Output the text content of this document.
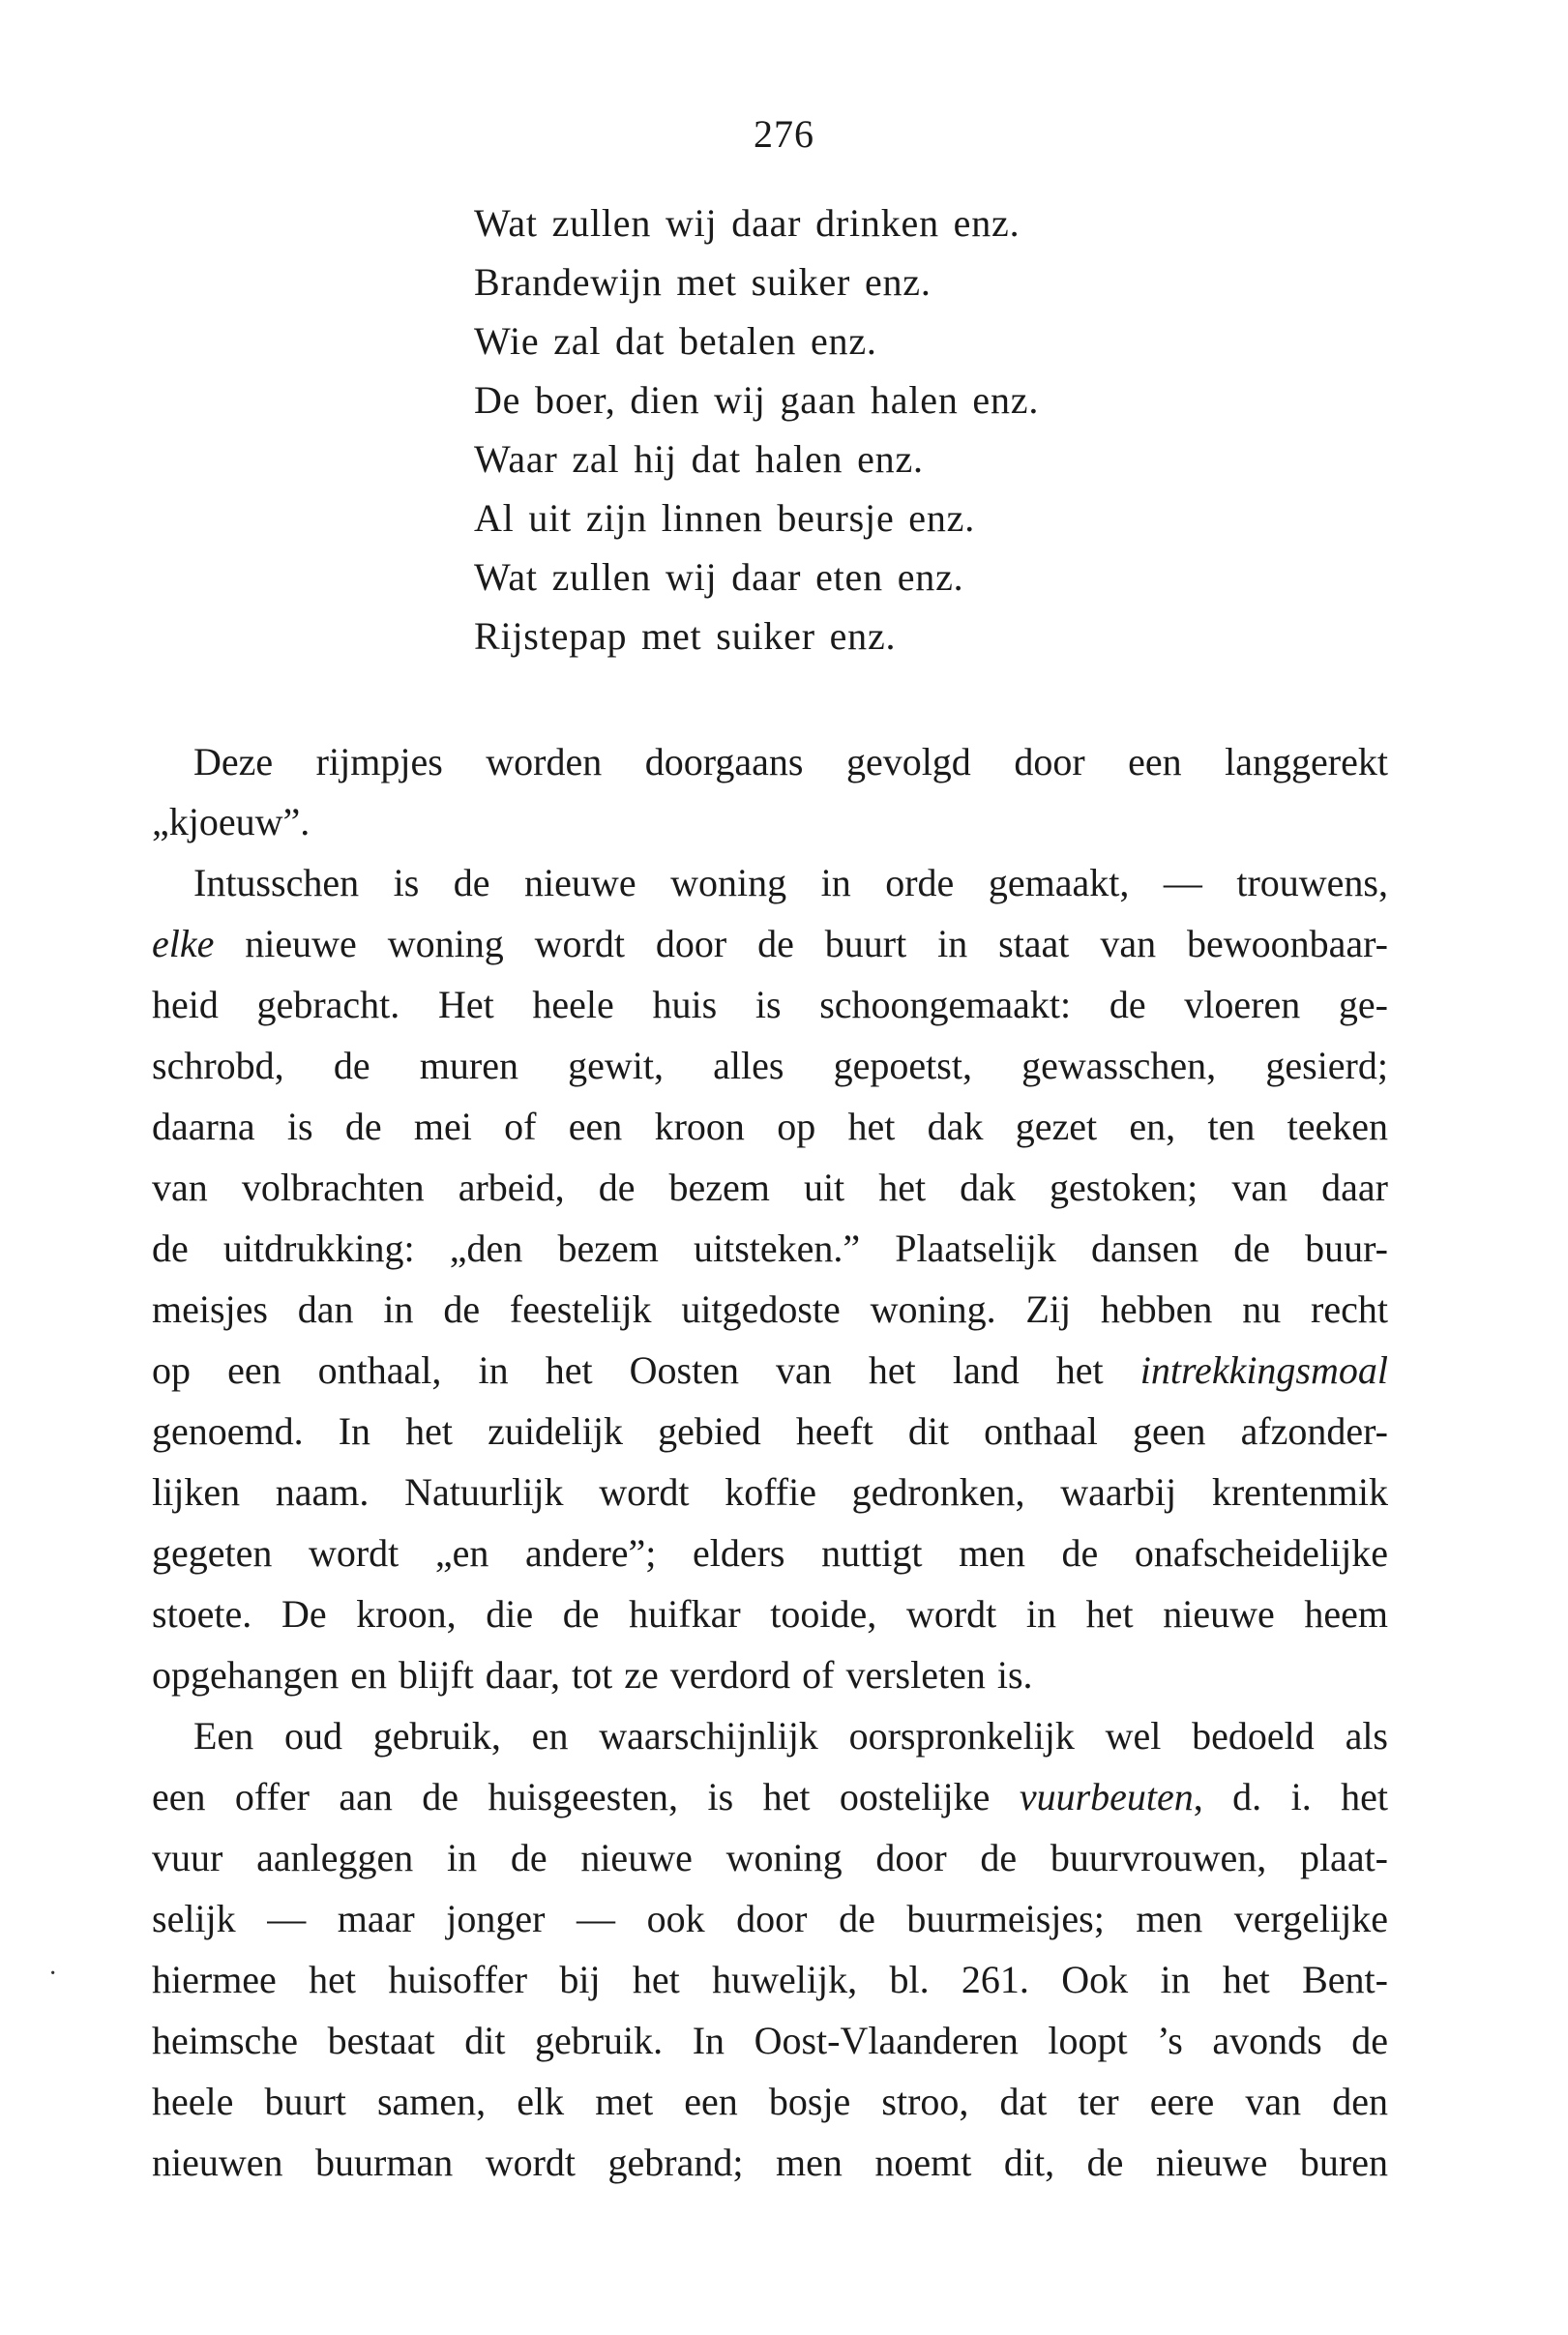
276
Wat zullen wij daar drinken enz.
Brandewijn met suiker enz.
Wie zal dat betalen enz.
De boer, dien wij gaan halen enz.
Waar zal hij dat halen enz.
Al uit zijn linnen beursje enz.
Wat zullen wij daar eten enz.
Rijstepap met suiker enz.
Deze rijmpjes worden doorgaans gevolgd door een langgerekt
„kjoeuw”.
Intusschen is de nieuwe woning in orde gemaakt, — trouwens,
elke nieuwe woning wordt door de buurt in staat van bewoonbaar-
heid gebracht. Het heele huis is schoongemaakt: de vloeren ge-
schrobd, de muren gewit, alles gepoetst, gewasschen, gesierd;
daarna is de mei of een kroon op het dak gezet en, ten teeken
van volbrachten arbeid, de bezem uit het dak gestoken; van daar
de uitdrukking: „den bezem uitsteken.” Plaatselijk dansen de buur-
meisjes dan in de feestelijk uitgedoste woning. Zij hebben nu recht
op een onthaal, in het Oosten van het land het intrekkingsmoal
genoemd. In het zuidelijk gebied heeft dit onthaal geen afzonder-
lijken naam. Natuurlijk wordt koffie gedronken, waarbij krentenmik
gegeten wordt „en andere”; elders nuttigt men de onafscheidelijke
stoete. De kroon, die de huifkar tooide, wordt in het nieuwe heem
opgehangen en blijft daar, tot ze verdord of versleten is.
Een oud gebruik, en waarschijnlijk oorspronkelijk wel bedoeld als
een offer aan de huisgeesten, is het oostelijke vuurbeuten, d. i. het
vuur aanleggen in de nieuwe woning door de buurvrouwen, plaat-
selijk — maar jonger — ook door de buurmeisjes; men vergelijke
hiermee het huisoffer bij het huwelijk, bl. 261. Ook in het Bent-
heimsche bestaat dit gebruik. In Oost-Vlaanderen loopt ’s avonds de
heele buurt samen, elk met een bosje stroo, dat ter eere van den
nieuwen buurman wordt gebrand; men noemt dit, de nieuwe buren
·
